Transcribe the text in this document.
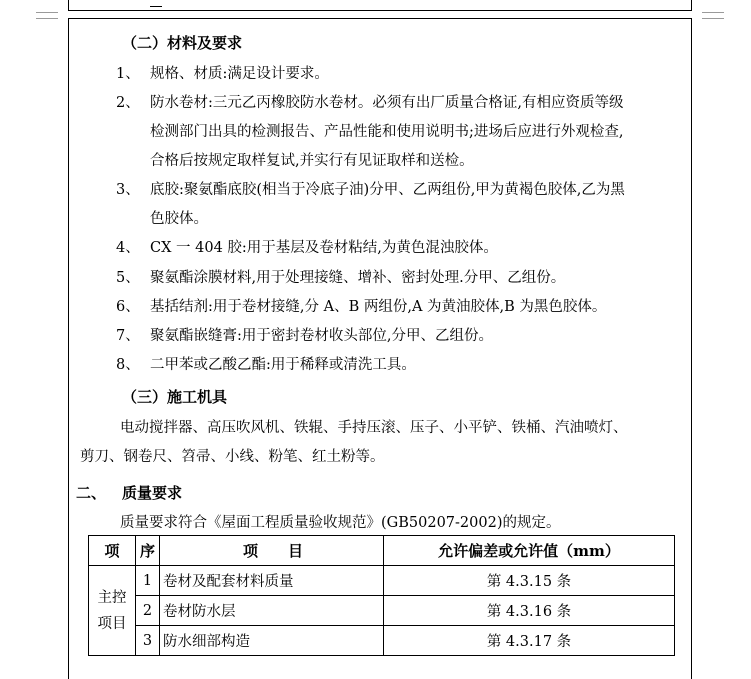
（二）材料及要求
1、 规格、材质:满足设计要求。
2、 防水卷材:三元乙丙橡胶防水卷材。必须有出厂质量合格证,有相应资质等级
检测部门出具的检测报告、产品性能和使用说明书;进场后应进行外观检查,
合格后按规定取样复试,并实行有见证取样和送检。
3、 底胶:聚氨酯底胶(相当于冷底子油)分甲、乙两组份,甲为黄褐色胶体,乙为黑
色胶体。
4、 CX 一 404 胶:用于基层及卷材粘结,为黄色混浊胶体。
5、 聚氨酯涂膜材料,用于处理接缝、增补、密封处理.分甲、乙组份。
6、 基括结剂:用于卷材接缝,分 A、B 两组份,A 为黄油胶体,B 为黑色胶体。
7、 聚氨酯嵌缝膏:用于密封卷材收头部位,分甲、乙组份。
8、 二甲苯或乙酸乙酯:用于稀释或清洗工具。
（三）施工机具
电动搅拌器、高压吹风机、铁辊、手持压滚、压子、小平铲、铁桶、汽油喷灯、
剪刀、钢卷尺、笤帚、小线、粉笔、红土粉等。
二、 质量要求
质量要求符合《屋面工程质量验收规范》(GB50207-2002)的规定。
项	序	项　　目	允许偏差或允许值（mm）
主控
项目	1	卷材及配套材料质量	第 4.3.15 条
	2	卷材防水层	第 4.3.16 条
	3	防水细部构造	第 4.3.17 条
